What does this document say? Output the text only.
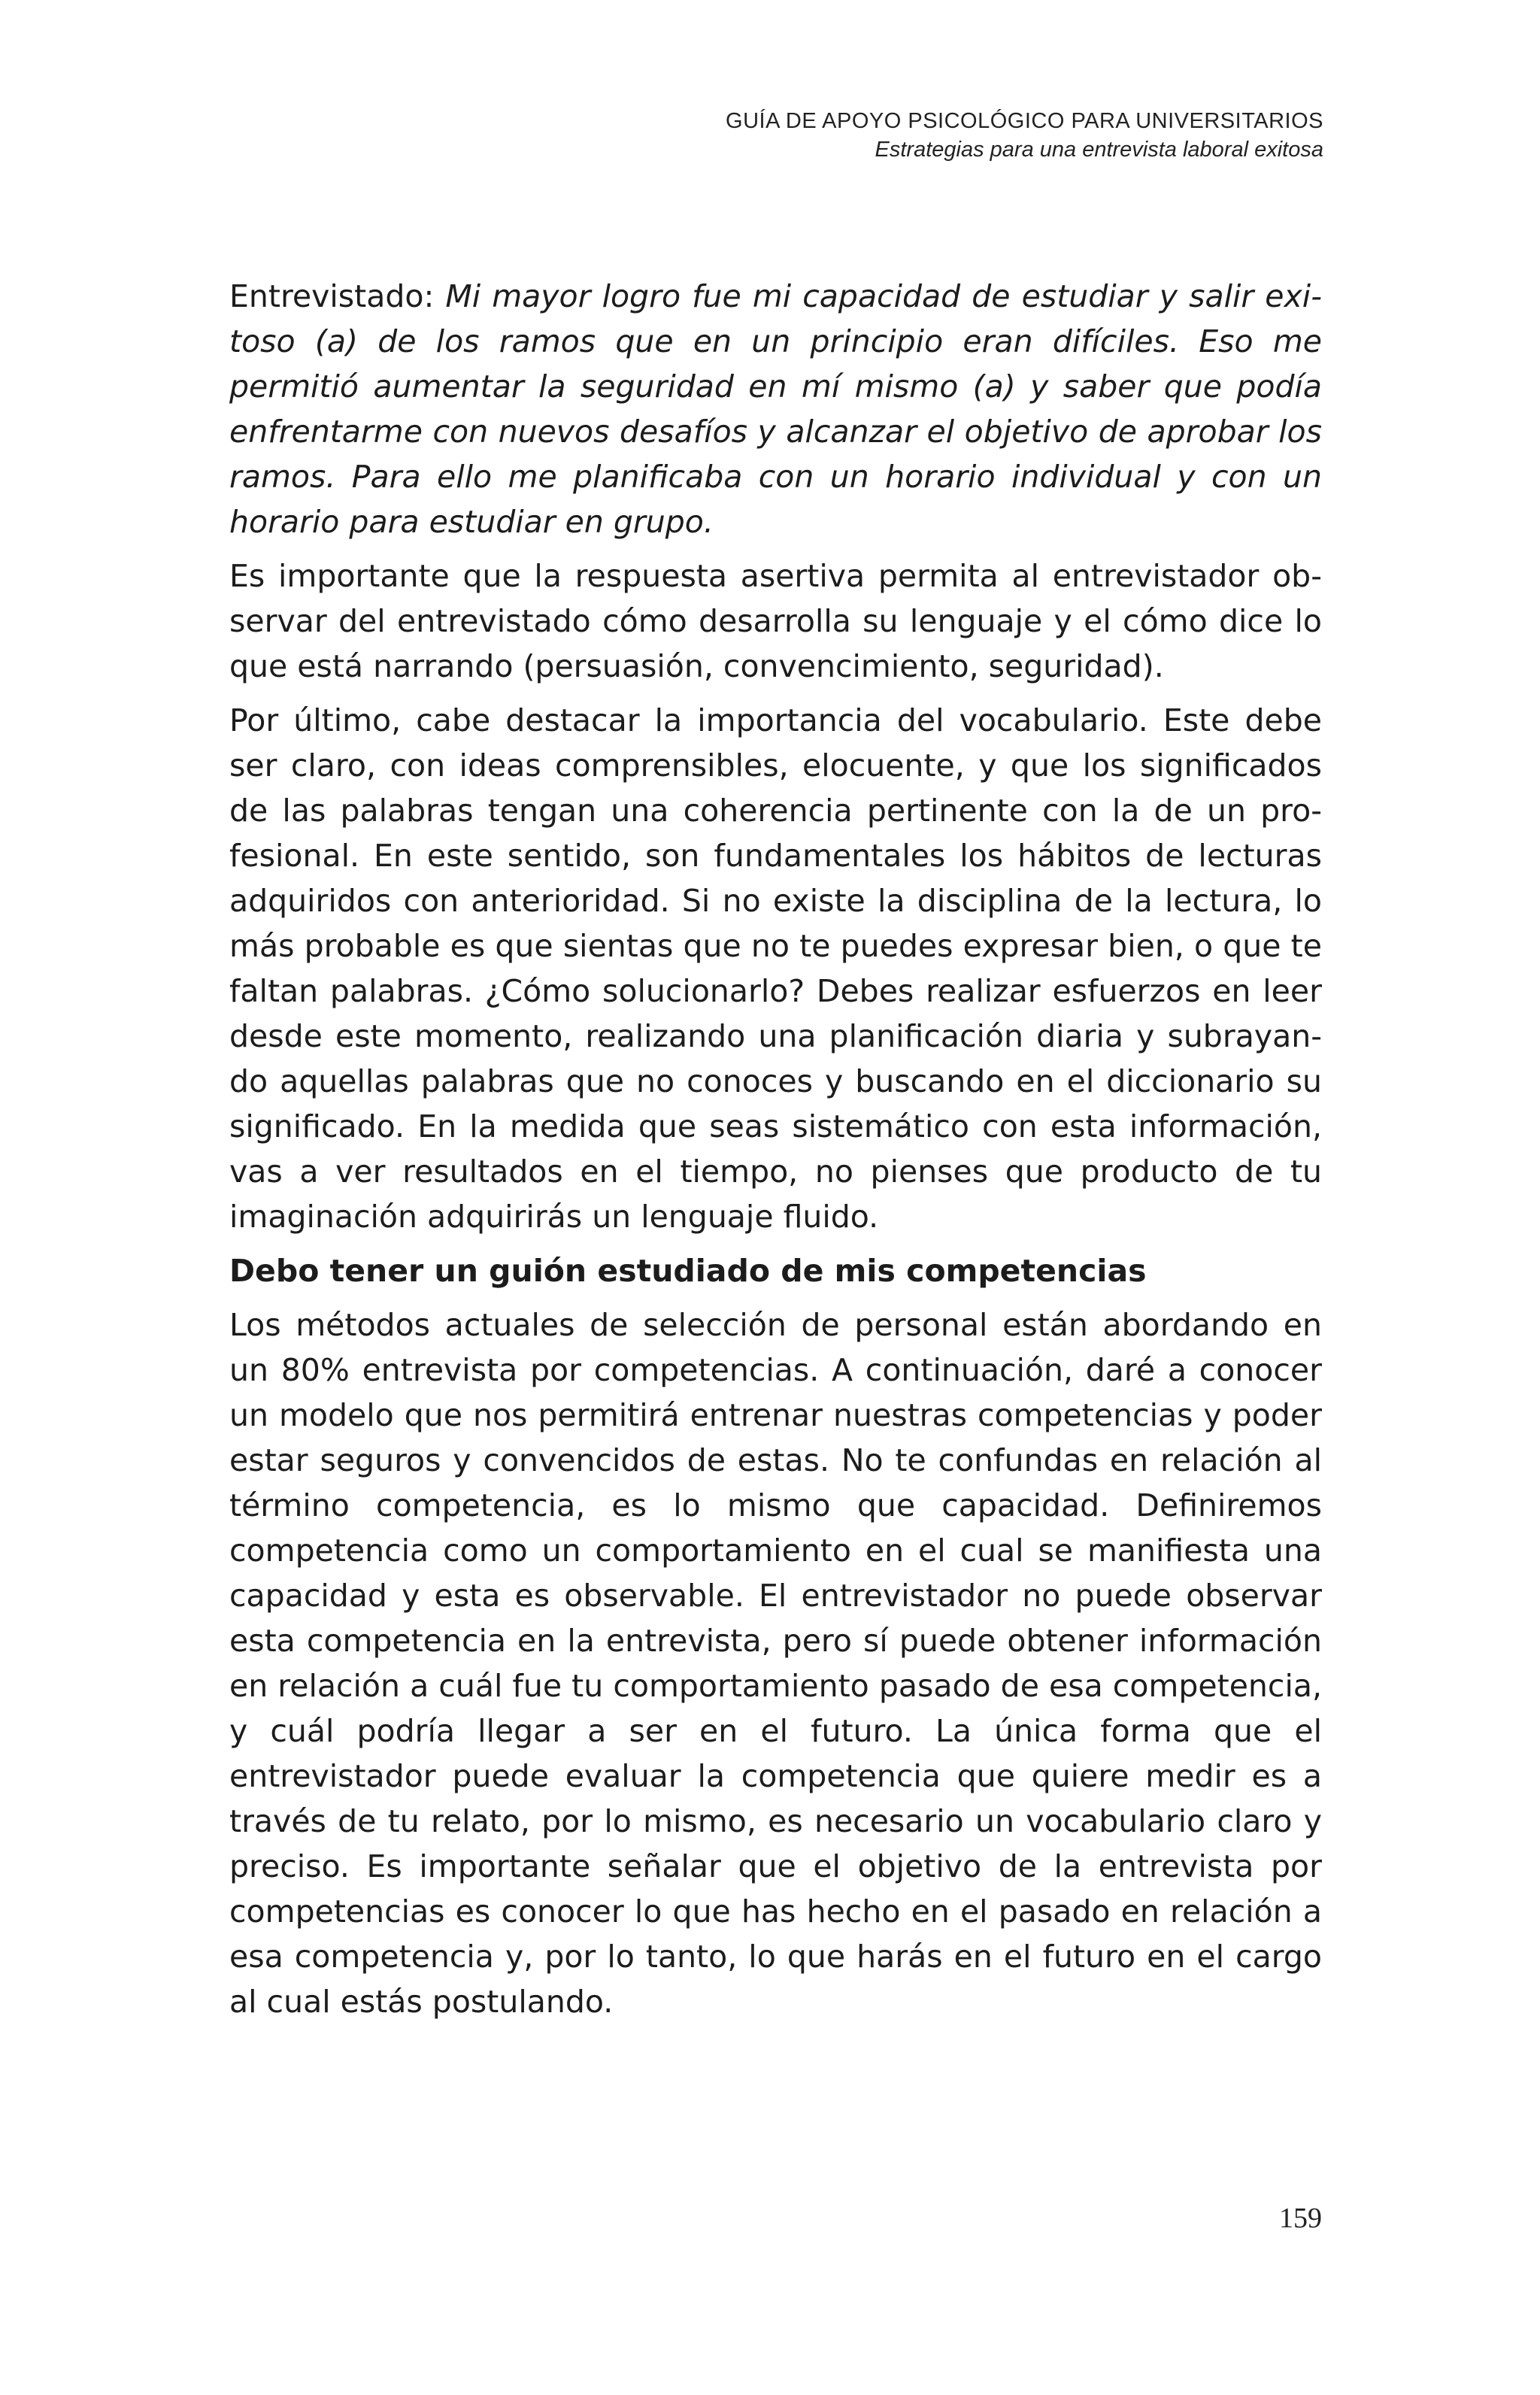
GUÍA DE APOYO PSICOLÓGICO PARA UNIVERSITARIOS
Estrategias para una entrevista laboral exitosa

Entrevistado: Mi mayor logro fue mi capacidad de estudiar y salir exitoso (a) de los ramos que en un principio eran difíciles. Eso me permitió aumentar la seguridad en mí mismo (a) y saber que podía enfrentarme con nuevos desafíos y alcanzar el objetivo de aprobar los ramos. Para ello me planificaba con un horario individual y con un horario para estudiar en grupo.

Es importante que la respuesta asertiva permita al entrevistador observar del entrevistado cómo desarrolla su lenguaje y el cómo dice lo que está narrando (persuasión, convencimiento, seguridad).

Por último, cabe destacar la importancia del vocabulario. Este debe ser claro, con ideas comprensibles, elocuente, y que los significados de las palabras tengan una coherencia pertinente con la de un profesional. En este sentido, son fundamentales los hábitos de lecturas adquiridos con anterioridad. Si no existe la disciplina de la lectura, lo más probable es que sientas que no te puedes expresar bien, o que te faltan palabras. ¿Cómo solucionarlo? Debes realizar esfuerzos en leer desde este momento, realizando una planificación diaria y subrayando aquellas palabras que no conoces y buscando en el diccionario su significado. En la medida que seas sistemático con esta información, vas a ver resultados en el tiempo, no pienses que producto de tu imaginación adquirirás un lenguaje fluido.

Debo tener un guión estudiado de mis competencias

Los métodos actuales de selección de personal están abordando en un 80% entrevista por competencias. A continuación, daré a conocer un modelo que nos permitirá entrenar nuestras competencias y poder estar seguros y convencidos de estas. No te confundas en relación al término competencia, es lo mismo que capacidad. Definiremos competencia como un comportamiento en el cual se manifiesta una capacidad y esta es observable. El entrevistador no puede observar esta competencia en la entrevista, pero sí puede obtener información en relación a cuál fue tu comportamiento pasado de esa competencia, y cuál podría llegar a ser en el futuro. La única forma que el entrevistador puede evaluar la competencia que quiere medir es a través de tu relato, por lo mismo, es necesario un vocabulario claro y preciso. Es importante señalar que el objetivo de la entrevista por competencias es conocer lo que has hecho en el pasado en relación a esa competencia y, por lo tanto, lo que harás en el futuro en el cargo al cual estás postulando.

159
